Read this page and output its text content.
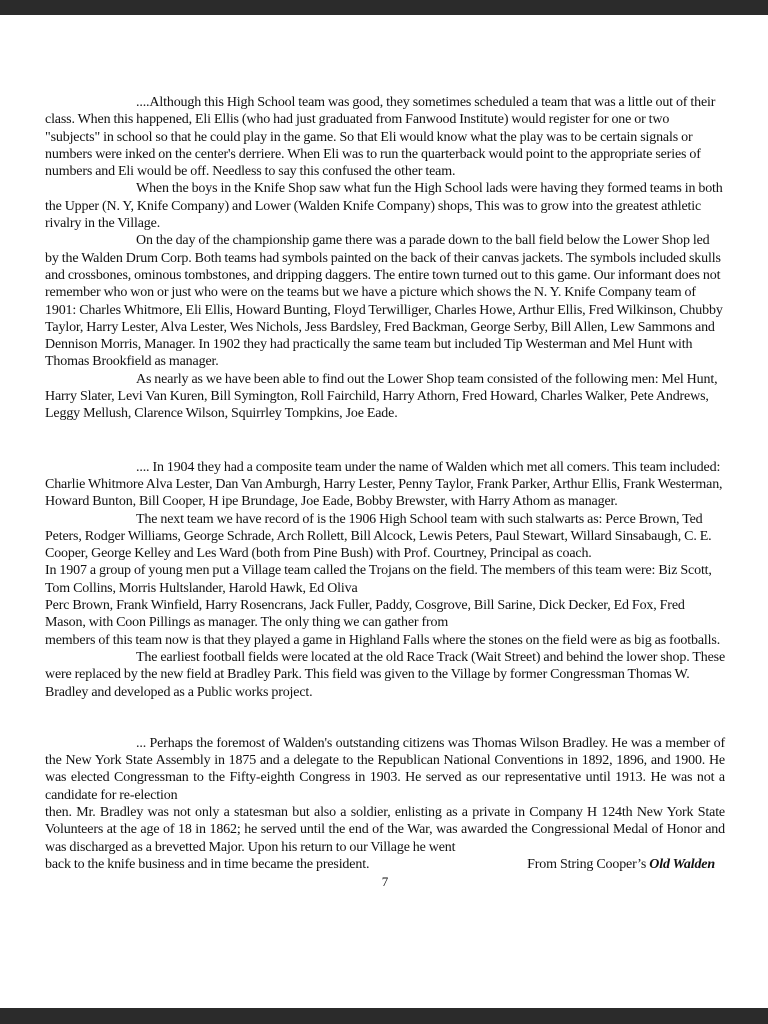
....Although this High School team was good, they sometimes scheduled a team that was a little out of their class. When this happened, Eli Ellis (who had just graduated from Fanwood Institute) would register for one or two "subjects" in school so that he could play in the game. So that Eli would know what the play was to be certain signals or numbers were inked on the center's derriere. When Eli was to run the quarterback would point to the appropriate series of numbers and Eli would be off. Needless to say this confused the other team.

When the boys in the Knife Shop saw what fun the High School lads were having they formed teams in both the Upper (N. Y, Knife Company) and Lower (Walden Knife Company) shops, This was to grow into the greatest athletic rivalry in the Village.

On the day of the championship game there was a parade down to the ball field below the Lower Shop led by the Walden Drum Corp. Both teams had symbols painted on the back of their canvas jackets. The symbols included skulls and crossbones, ominous tombstones, and dripping daggers. The entire town turned out to this game. Our informant does not remember who won or just who were on the teams but we have a picture which shows the N. Y. Knife Company team of 1901: Charles Whitmore, Eli Ellis, Howard Bunting, Floyd Terwilliger, Charles Howe, Arthur Ellis, Fred Wilkinson, Chubby Taylor, Harry Lester, Alva Lester, Wes Nichols, Jess Bardsley, Fred Backman, George Serby, Bill Allen, Lew Sammons and Dennison Morris, Manager. In 1902 they had practically the same team but included Tip Westerman and Mel Hunt with Thomas Brookfield as manager.

As nearly as we have been able to find out the Lower Shop team consisted of the following men: Mel Hunt, Harry Slater, Levi Van Kuren, Bill Symington, Roll Fairchild, Harry Athorn, Fred Howard, Charles Walker, Pete Andrews, Leggy Mellush, Clarence Wilson, Squirrley Tompkins, Joe Eade.

.... In 1904 they had a composite team under the name of Walden which met all comers. This team included: Charlie Whitmore Alva Lester, Dan Van Amburgh, Harry Lester, Penny Taylor, Frank Parker, Arthur Ellis, Frank Westerman, Howard Bunton, Bill Cooper, H ipe Brundage, Joe Eade, Bobby Brewster, with Harry Athom as manager.

The next team we have record of is the 1906 High School team with such stalwarts as: Perce Brown, Ted Peters, Rodger Williams, George Schrade, Arch Rollett, Bill Alcock, Lewis Peters, Paul Stewart, Willard Sinsabaugh, C. E. Cooper, George Kelley and Les Ward (both from Pine Bush) with Prof. Courtney, Principal as coach.

In 1907 a group of young men put a Village team called the Trojans on the field. The members of this team were: Biz Scott, Tom Collins, Morris Hultslander, Harold Hawk, Ed Oliva

Perc Brown, Frank Winfield, Harry Rosencrans, Jack Fuller, Paddy, Cosgrove, Bill Sarine, Dick Decker, Ed Fox, Fred Mason, with Coon Pillings as manager. The only thing we can gather from

members of this team now is that they played a game in Highland Falls where the stones on the field were as big as footballs.

The earliest football fields were located at the old Race Track (Wait Street) and behind the lower shop. These were replaced by the new field at Bradley Park. This field was given to the Village by former Congressman Thomas W. Bradley and developed as a Public works project.

... Perhaps the foremost of Walden's outstanding citizens was Thomas Wilson Bradley. He was a member of the New York State Assembly in 1875 and a delegate to the Republican National Conventions in 1892, 1896, and 1900. He was elected Congressman to the Fifty-eighth Congress in 1903. He served as our representative until 1913. He was not a candidate for re-election

then. Mr. Bradley was not only a statesman but also a soldier, enlisting as a private in Company H 124th New York State Volunteers at the age of 18 in 1862; he served until the end of the War, was awarded the Congressional Medal of Honor and was discharged as a brevetted Major. Upon his return to our Village he went

back to the knife business and in time became the president.	From String Cooper’s Old Walden

7
